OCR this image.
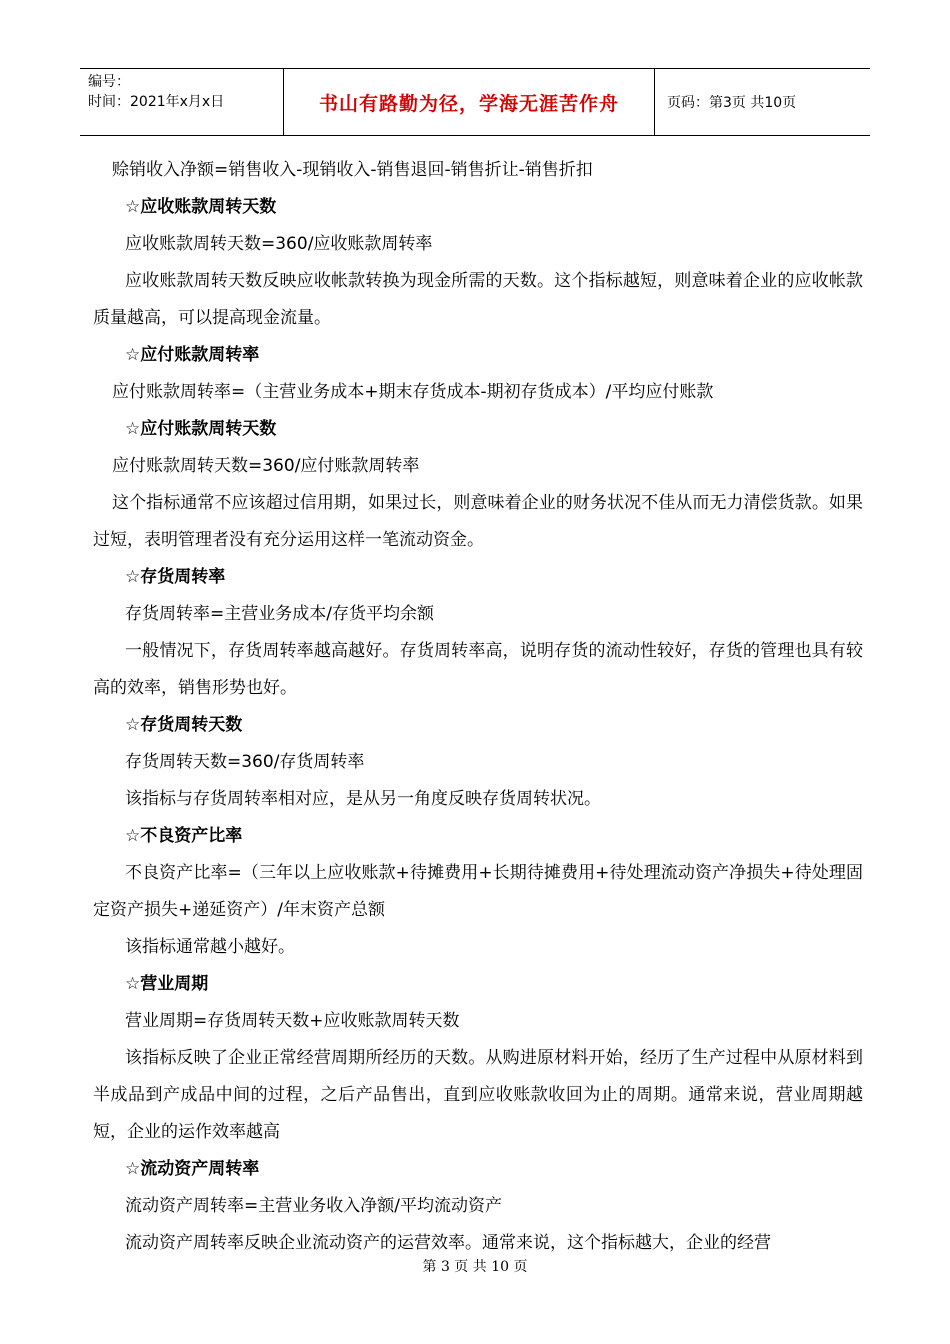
编号：
时间：2021年x月x日	书山有路勤为径，学海无涯苦作舟	页码：第3页 共10页

赊销收入净额=销售收入-现销收入-销售退回-销售折让-销售折扣

☆应收账款周转天数

应收账款周转天数=360/应收账款周转率

应收账款周转天数反映应收帐款转换为现金所需的天数。这个指标越短，则意味着企业的应收帐款质量越高，可以提高现金流量。

☆应付账款周转率

应付账款周转率=（主营业务成本+期末存货成本-期初存货成本）/平均应付账款

☆应付账款周转天数

应付账款周转天数=360/应付账款周转率

这个指标通常不应该超过信用期，如果过长，则意味着企业的财务状况不佳从而无力清偿货款。如果过短，表明管理者没有充分运用这样一笔流动资金。

☆存货周转率

存货周转率=主营业务成本/存货平均余额

一般情况下，存货周转率越高越好。存货周转率高，说明存货的流动性较好，存货的管理也具有较高的效率，销售形势也好。

☆存货周转天数

存货周转天数=360/存货周转率

该指标与存货周转率相对应，是从另一角度反映存货周转状况。

☆不良资产比率

不良资产比率=（三年以上应收账款+待摊费用+长期待摊费用+待处理流动资产净损失+待处理固定资产损失+递延资产）/年末资产总额

该指标通常越小越好。

☆营业周期

营业周期=存货周转天数+应收账款周转天数

该指标反映了企业正常经营周期所经历的天数。从购进原材料开始，经历了生产过程中从原材料到半成品到产成品中间的过程，之后产品售出，直到应收账款收回为止的周期。通常来说，营业周期越短，企业的运作效率越高

☆流动资产周转率

流动资产周转率=主营业务收入净额/平均流动资产

流动资产周转率反映企业流动资产的运营效率。通常来说，这个指标越大，企业的经营

第 3 页 共 10 页
